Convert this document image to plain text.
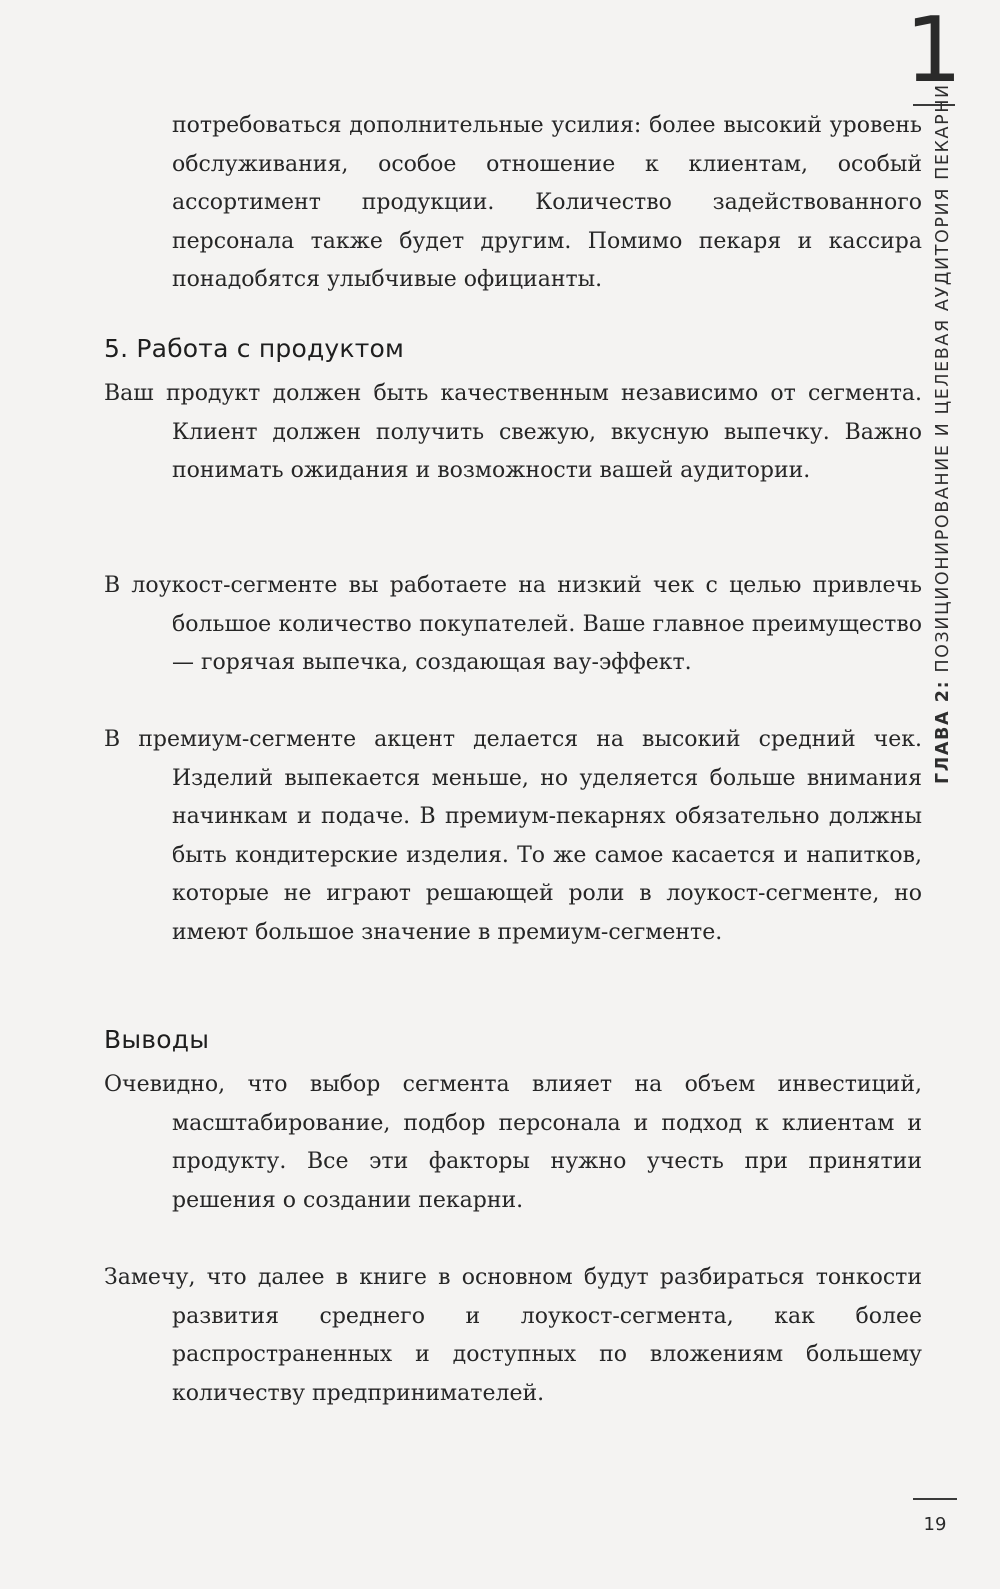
потребоваться дополнительные усилия: более высокий уровень обслуживания, особое отношение к клиентам, особый ассортимент продукции. Количество задействованного персонала также будет другим. Помимо пекаря и кассира понадобятся улыбчивые официанты.

5. Работа с продуктом

Ваш продукт должен быть качественным независимо от сегмента. Клиент должен получить свежую, вкусную выпечку. Важно понимать ожидания и возможности вашей аудитории.

В лоукост-сегменте вы работаете на низкий чек с целью привлечь большое количество покупателей. Ваше главное преимущество — горячая выпечка, создающая вау-эффект.

В премиум-сегменте акцент делается на высокий средний чек. Изделий выпекается меньше, но уделяется больше внимания начинкам и подаче. В премиум-пекарнях обязательно должны быть кондитерские изделия. То же самое касается и напитков, которые не играют решающей роли в лоукост-сегменте, но имеют большое значение в премиум-сегменте.

Выводы

Очевидно, что выбор сегмента влияет на объем инвестиций, масштабирование, подбор персонала и подход к клиентам и продукту. Все эти факторы нужно учесть при принятии решения о создании пекарни.

Замечу, что далее в книге в основном будут разбираться тонкости развития среднего и лоукост-сегмента, как более распространенных и доступных по вложениям большему количеству предпринимателей.

1
ГЛАВА 2: ПОЗИЦИОНИРОВАНИЕ И ЦЕЛЕВАЯ АУДИТОРИЯ ПЕКАРНИ
19
